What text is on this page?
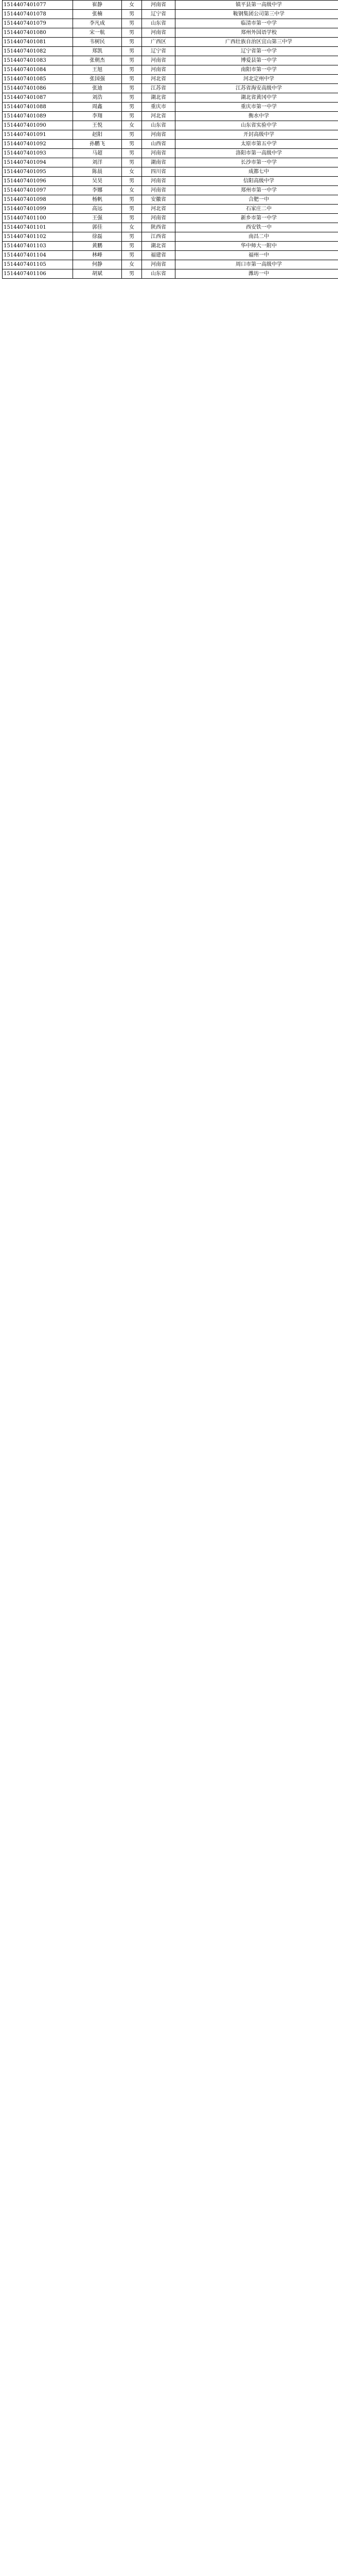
1514407401077	崔静	女	河南省	镇平县第一高级中学
1514407401078	张楠	男	辽宁省	鞍钢集团公司第三中学
1514407401079	李凡成	男	山东省	临清市第一中学
1514407401080	宋一航	男	河南省	郑州外国语学校
1514407401081	韦树民	男	广西区	广西壮族自治区宜山第三中学
1514407401082	郑凯	男	辽宁省	辽宁省第一中学
1514407401083	张朝杰	男	河南省	博爱县第一中学
1514407401084	王旭	男	河南省	南阳市第一中学
1514407401085	张国强	男	河北省	河北定州中学
1514407401086	张迪	男	江苏省	江苏省海安高级中学
1514407401087	刘浩	男	湖北省	湖北省黄冈中学
1514407401088	周鑫	男	重庆市	重庆市第一中学
1514407401089	李翔	男	河北省	衡水中学
1514407401090	王悦	女	山东省	山东省实验中学
1514407401091	赵阳	男	河南省	开封高级中学
1514407401092	孙鹏飞	男	山西省	太原市第五中学
1514407401093	马超	男	河南省	洛阳市第一高级中学
1514407401094	刘洋	男	湖南省	长沙市第一中学
1514407401095	陈晨	女	四川省	成都七中
1514407401096	吴昊	男	河南省	信阳高级中学
1514407401097	李娜	女	河南省	郑州市第一中学
1514407401098	杨帆	男	安徽省	合肥一中
1514407401099	高远	男	河北省	石家庄二中
1514407401100	王强	男	河南省	新乡市第一中学
1514407401101	郭佳	女	陕西省	西安铁一中
1514407401102	徐磊	男	江西省	南昌二中
1514407401103	黄鹏	男	湖北省	华中师大一附中
1514407401104	林峰	男	福建省	福州一中
1514407401105	何静	女	河南省	周口市第一高级中学
1514407401106	胡斌	男	山东省	潍坊一中
